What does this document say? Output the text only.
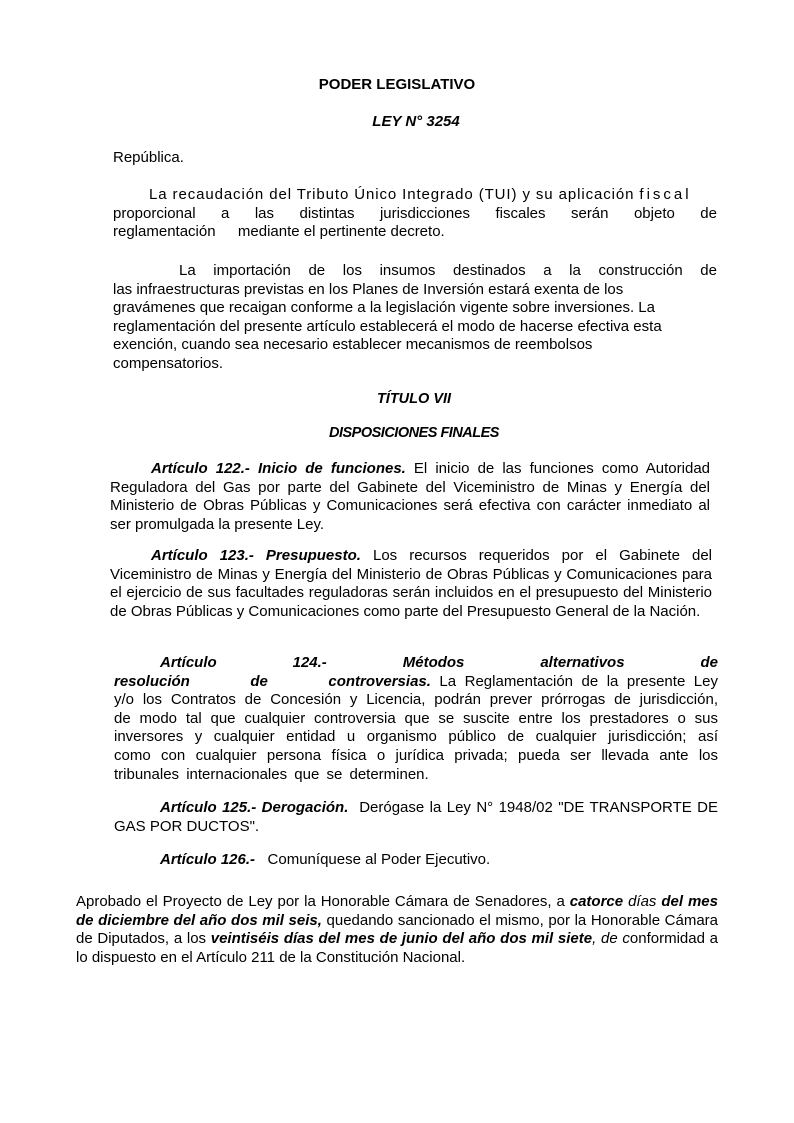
PODER LEGISLATIVO
LEY N° 3254
República.
La recaudación del Tributo Único Integrado (TUI) y su aplicación fiscal
proporcional a las distintas jurisdicciones fiscales serán objeto de
reglamentación mediante el pertinente decreto.
La importación de los insumos destinados a la construcción de
las infraestructuras previstas en los Planes de Inversión estará exenta de los
gravámenes que recaigan conforme a la legislación vigente sobre inversiones. La
reglamentación del presente artículo establecerá el modo de hacerse efectiva esta
exención, cuando sea necesario establecer mecanismos de reembolsos
compensatorios.
TÍTULO VII
DISPOSICIONES FINALES
Artículo 122.- Inicio de funciones. El inicio de las funciones como Autoridad Reguladora del Gas por parte del Gabinete del Viceministro de Minas y Energía del Ministerio de Obras Públicas y Comunicaciones será efectiva con carácter inmediato al ser promulgada la presente Ley.
Artículo 123.- Presupuesto. Los recursos requeridos por el Gabinete del Viceministro de Minas y Energía del Ministerio de Obras Públicas y Comunicaciones para el ejercicio de sus facultades reguladoras serán incluidos en el presupuesto del Ministerio de Obras Públicas y Comunicaciones como parte del Presupuesto General de la Nación.
Artículo 124.- Métodos alternativos de resolución de controversias. La Reglamentación de la presente Ley y/o los Contratos de Concesión y Licencia, podrán prever prórrogas de jurisdicción, de modo tal que cualquier controversia que se suscite entre los prestadores o sus inversores y cualquier entidad u organismo público de cualquier jurisdicción; así como con cualquier persona física o jurídica privada; pueda ser llevada ante los tribunales internacionales que se determinen.
Artículo 125.- Derogación. Derógase la Ley N° 1948/02 "DE TRANSPORTE DE GAS POR DUCTOS".
Artículo 126.- Comuníquese al Poder Ejecutivo.
Aprobado el Proyecto de Ley por la Honorable Cámara de Senadores, a catorce días del mes de diciembre del año dos mil seis, quedando sancionado el mismo, por la Honorable Cámara de Diputados, a los veintiséis días del mes de junio del año dos mil siete, de conformidad a lo dispuesto en el Artículo 211 de la Constitución Nacional.
